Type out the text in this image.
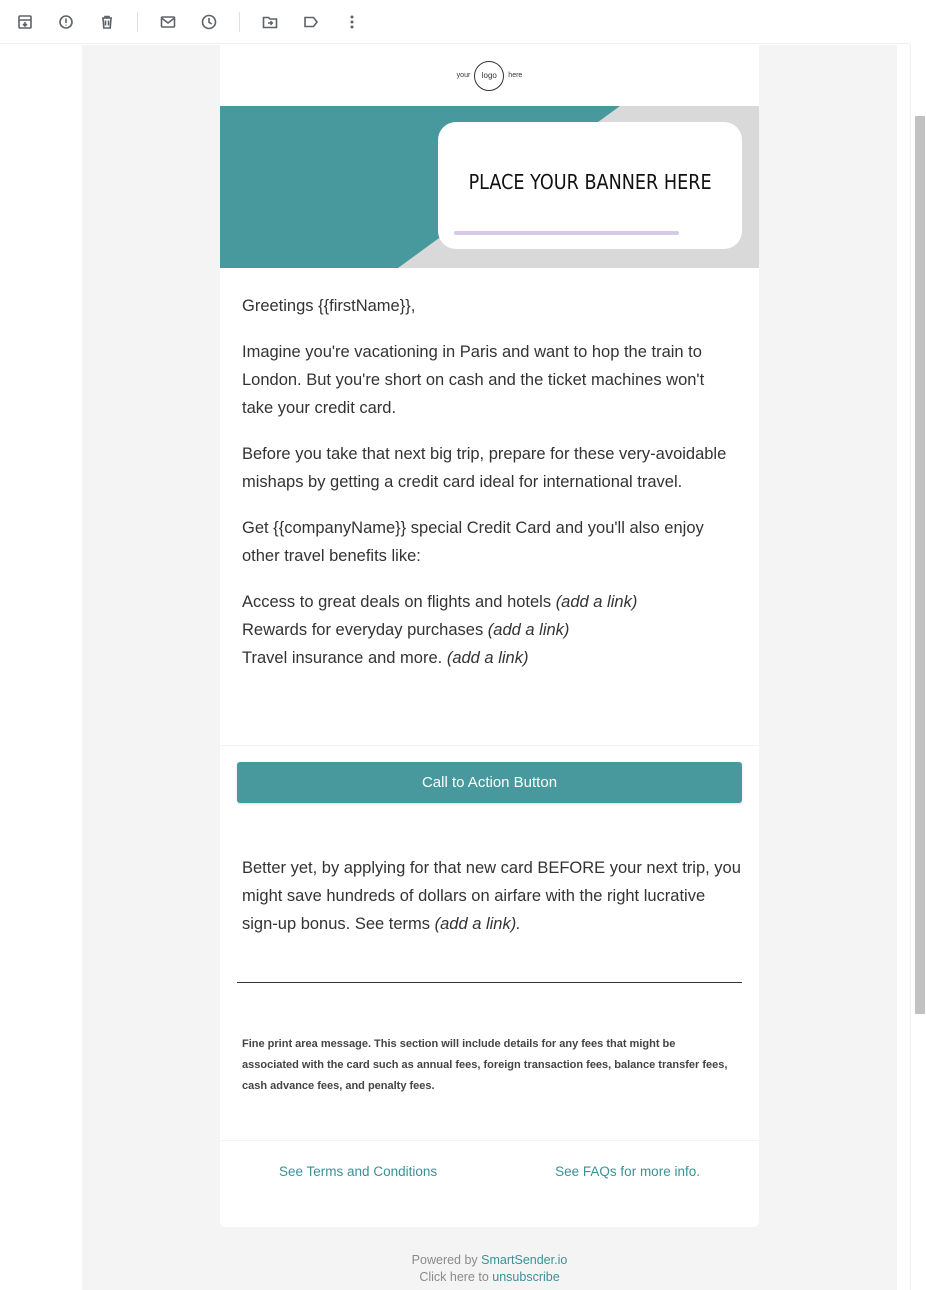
your	logo	here
PLACE YOUR BANNER HERE

Greetings {{firstName}},

Imagine you're vacationing in Paris and want to hop the train to London. But you're short on cash and the ticket machines won't take your credit card.

Before you take that next big trip, prepare for these very-avoidable mishaps by getting a credit card ideal for international travel.

Get {{companyName}} special Credit Card and you'll also enjoy other travel benefits like:

Access to great deals on flights and hotels (add a link)

Rewards for everyday purchases (add a link)

Travel insurance and more. (add a link)

Call to Action Button
Better yet, by applying for that new card BEFORE your next trip, you might save hundreds of dollars on airfare with the right lucrative sign-up bonus. See terms (add a link).
Fine print area message. This section will include details for any fees that might be associated with the card such as annual fees, foreign transaction fees, balance transfer fees, cash advance fees, and penalty fees.
See Terms and Conditions	See FAQs for more info.
Powered by SmartSender.io
Click here to unsubscribe
